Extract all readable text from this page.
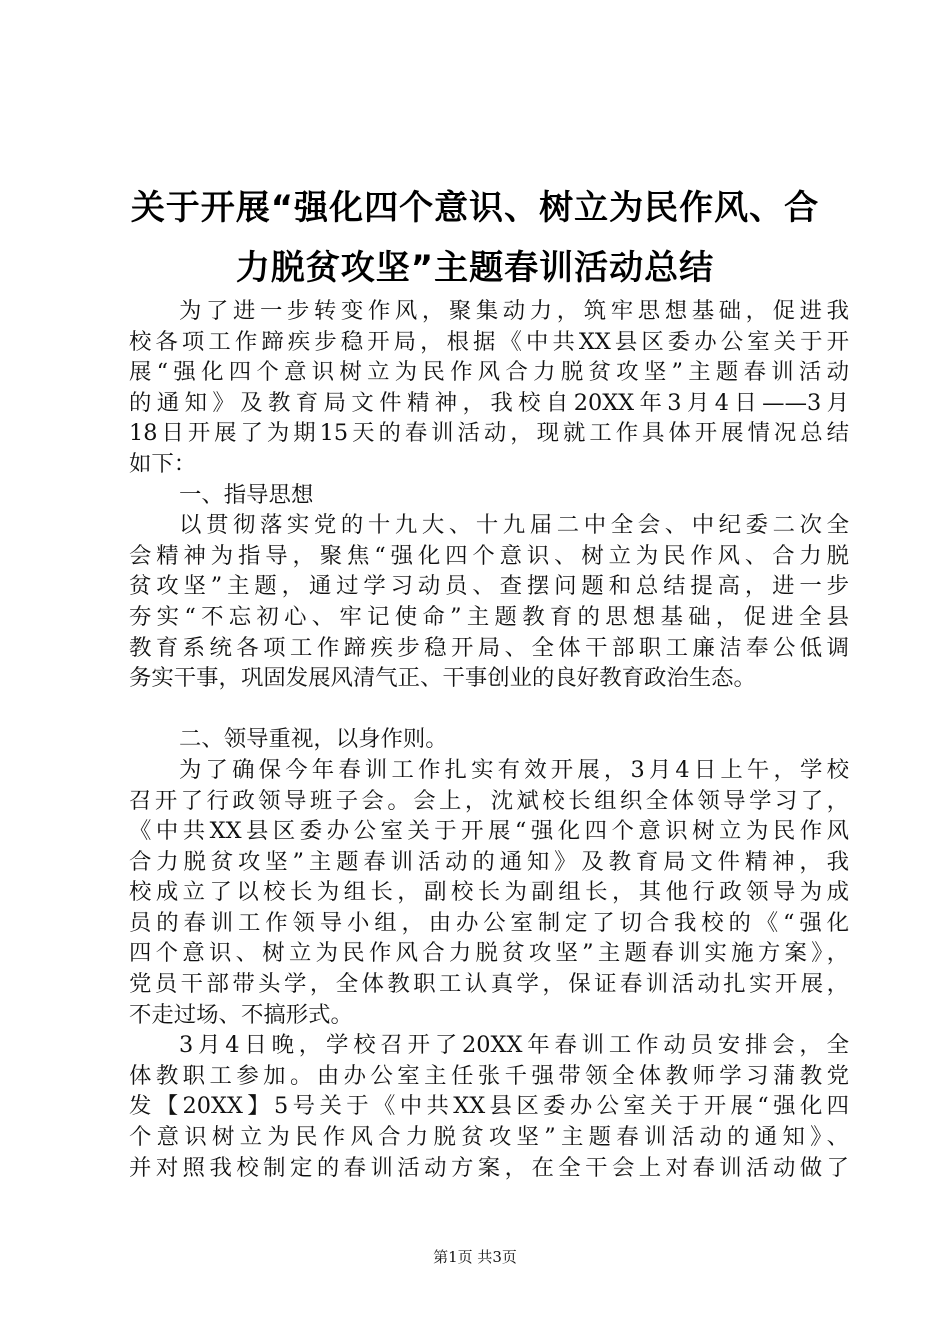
关于开展“强化四个意识、树立为民作风、合
力脱贫攻坚”主题春训活动总结
为了进一步转变作风，聚集动力，筑牢思想基础，促进我
校各项工作蹄疾步稳开局，根据《中共XX县区委办公室关于开
展“强化四个意识树立为民作风合力脱贫攻坚”主题春训活动
的通知》及教育局文件精神，我校自20XX年3月4日——3月
18日开展了为期15天的春训活动，现就工作具体开展情况总结
如下：
一、指导思想
以贯彻落实党的十九大、十九届二中全会、中纪委二次全
会精神为指导，聚焦“强化四个意识、树立为民作风、合力脱
贫攻坚”主题，通过学习动员、查摆问题和总结提高，进一步
夯实“不忘初心、牢记使命”主题教育的思想基础，促进全县
教育系统各项工作蹄疾步稳开局、全体干部职工廉洁奉公低调
务实干事，巩固发展风清气正、干事创业的良好教育政治生态。
二、领导重视，以身作则。
为了确保今年春训工作扎实有效开展，3月4日上午，学校
召开了行政领导班子会。会上，沈斌校长组织全体领导学习了，
《中共XX县区委办公室关于开展“强化四个意识树立为民作风
合力脱贫攻坚”主题春训活动的通知》及教育局文件精神，我
校成立了以校长为组长，副校长为副组长，其他行政领导为成
员的春训工作领导小组，由办公室制定了切合我校的《“强化
四个意识、树立为民作风合力脱贫攻坚”主题春训实施方案》，
党员干部带头学，全体教职工认真学，保证春训活动扎实开展，
不走过场、不搞形式。
3月4日晚，学校召开了20XX年春训工作动员安排会，全
体教职工参加。由办公室主任张千强带领全体教师学习蒲教党
发【20XX】5号关于《中共XX县区委办公室关于开展“强化四
个意识树立为民作风合力脱贫攻坚”主题春训活动的通知》、
并对照我校制定的春训活动方案，在全干会上对春训活动做了
第1页 共3页
